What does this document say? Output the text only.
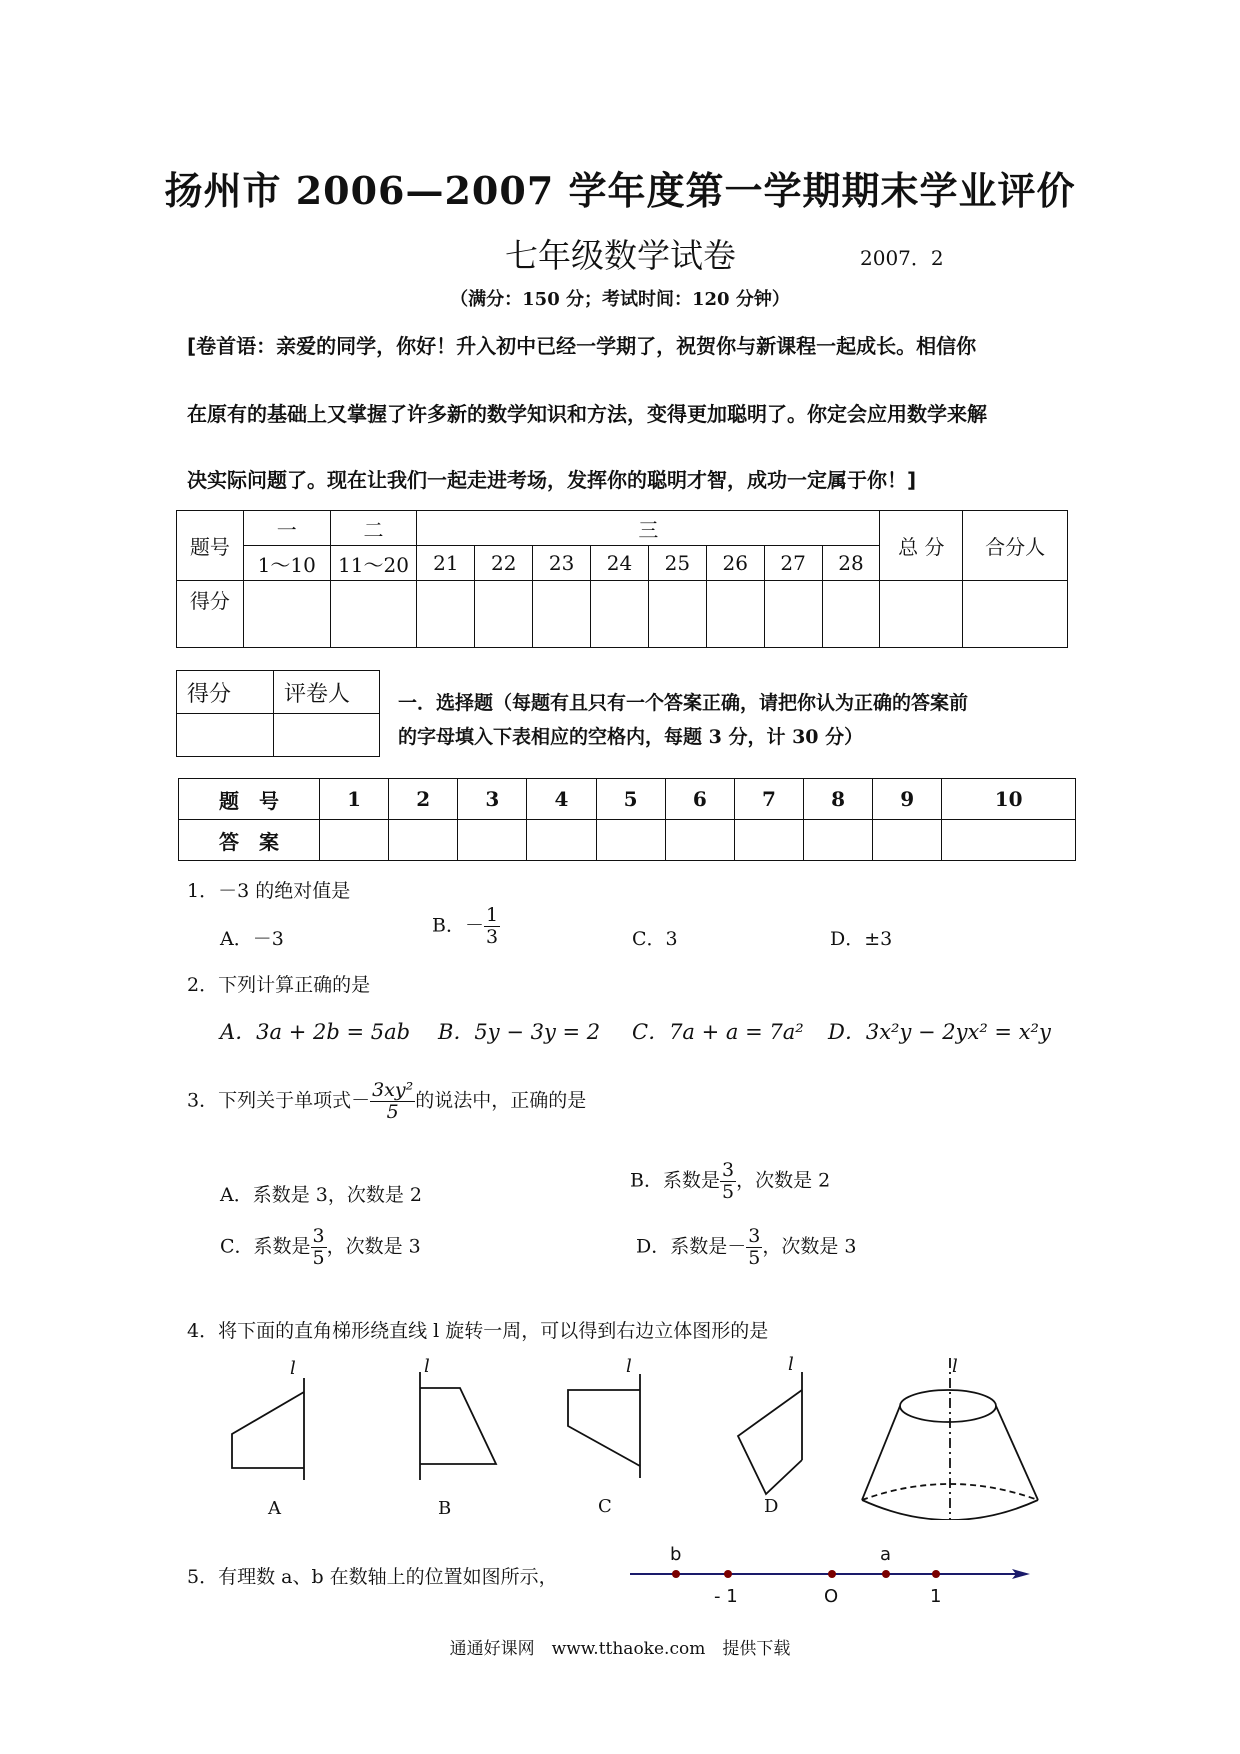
扬州市 2006—2007 学年度第一学期期末学业评价
七年级数学试卷	2007．2
（满分：150 分；考试时间：120 分钟）
[卷首语：亲爱的同学，你好！升入初中已经一学期了，祝贺你与新课程一起成长。相信你
在原有的基础上又掌握了许多新的数学知识和方法，变得更加聪明了。你定会应用数学来解
决实际问题了。现在让我们一起走进考场，发挥你的聪明才智，成功一定属于你！]
题号	一	二	三								总 分	合分人
	1～10	11～20	21	22	23	24	25	26	27	28		
得分												
得分	评卷人
		一．选择题（每题有且只有一个答案正确，请把你认为正确的答案前
的字母填入下表相应的空格内，每题 3 分，计 30 分）
题　号	1	2	3	4	5	6	7	8	9	10
答　案										
1．－3 的绝对值是
A．－3
B．－ $\frac{1}{3}$	C．3	D．±3
2．下列计算正确的是
A．3a + 2b = 5ab B．5y − 3y = 2 C．7a + a = 7a² D．3x²y − 2yx² = x²y
3．下列关于单项式－ $\frac{\text{3xy²}}{5}$ 的说法中，正确的是
A．系数是 3，次数是 2
B．系数是 $\frac{3}{5}$ ，次数是 2
C．系数是 $\frac{3}{5}$ ，次数是 3	D．系数是－ $\frac{3}{5}$ ，次数是 3
4．将下面的直角梯形绕直线 l 旋转一周，可以得到右边立体图形的是
l	l	l	l	l
A	B	C	D
5．有理数 a、b 在数轴上的位置如图所示，
b
- 1	O
a
1
通通好课网　www.tthaoke.com　提供下载
